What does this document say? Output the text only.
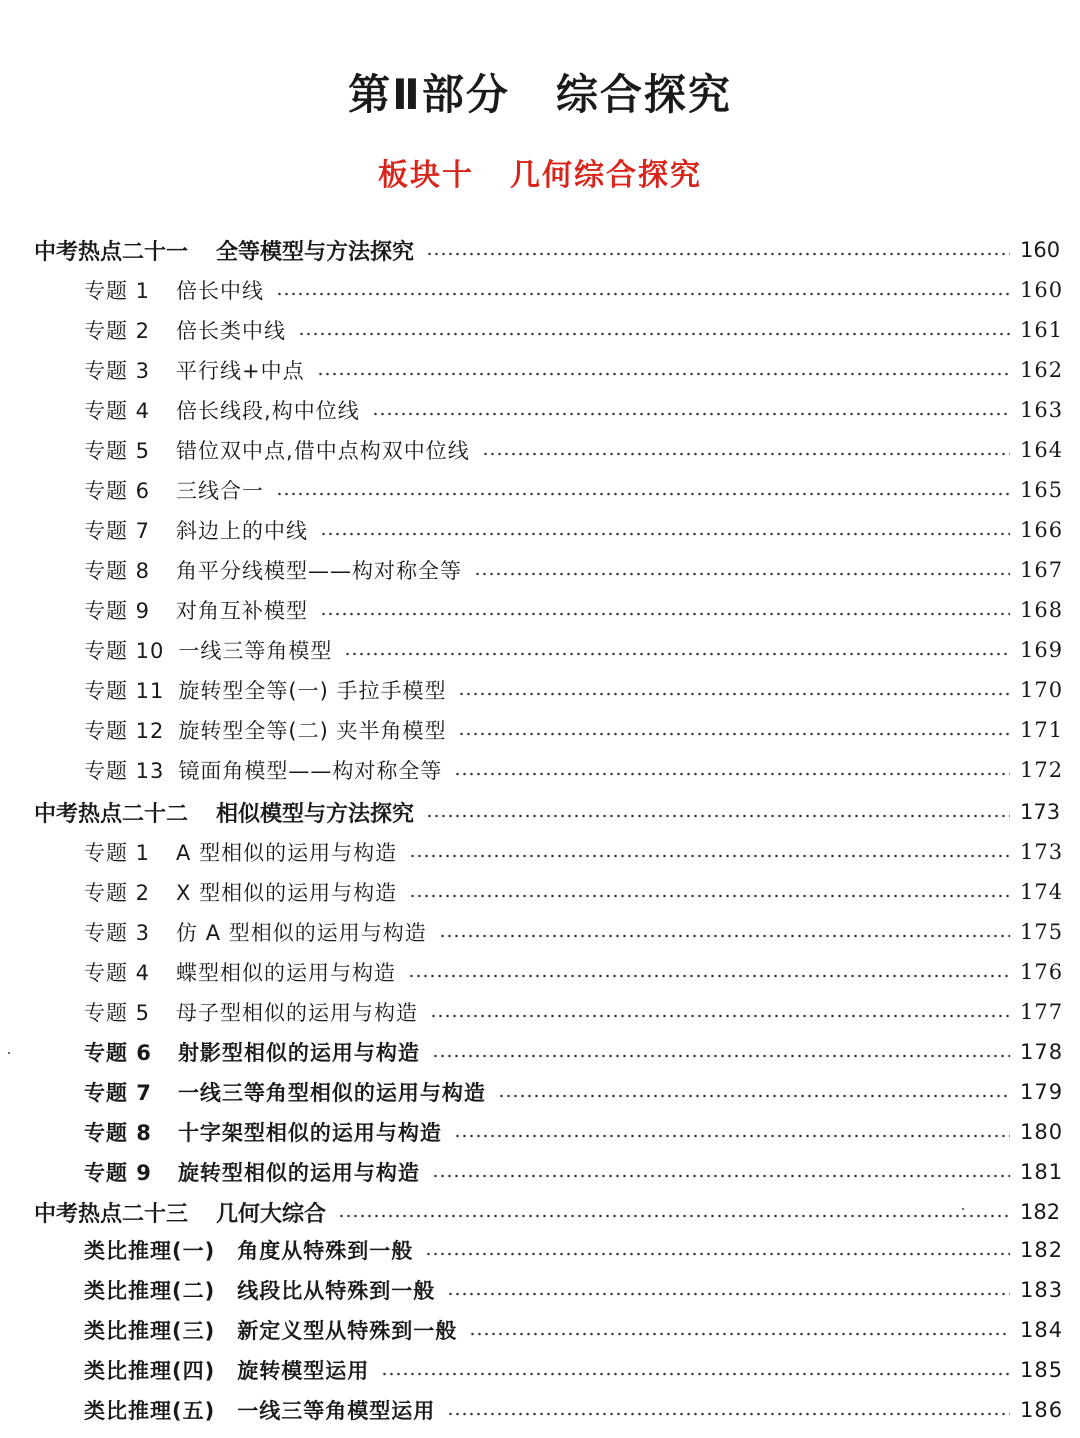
第Ⅱ部分 综合探究
板块十 几何综合探究
中考热点二十一	全等模型与方法探究	160
专题 1	倍长中线	160
专题 2	倍长类中线	161
专题 3	平行线+中点	162
专题 4	倍长线段,构中位线	163
专题 5	错位双中点,借中点构双中位线	164
专题 6	三线合一	165
专题 7	斜边上的中线	166
专题 8	角平分线模型——构对称全等	167
专题 9	对角互补模型	168
专题 10 一线三等角模型	169
专题 11 旋转型全等(一) 手拉手模型	170
专题 12 旋转型全等(二) 夹半角模型	171
专题 13 镜面角模型——构对称全等	172
中考热点二十二	相似模型与方法探究	173
专题 1	A 型相似的运用与构造	173
专题 2	X 型相似的运用与构造	174
专题 3	仿 A 型相似的运用与构造	175
专题 4	蝶型相似的运用与构造	176
专题 5	母子型相似的运用与构造	177
专题 6	射影型相似的运用与构造	178
专题 7	一线三等角型相似的运用与构造	179
专题 8	十字架型相似的运用与构造	180
专题 9	旋转型相似的运用与构造	181
中考热点二十三	几何大综合	182
类比推理(一)	角度从特殊到一般	182
类比推理(二)	线段比从特殊到一般	183
类比推理(三)	新定义型从特殊到一般	184
类比推理(四)	旋转模型运用	185
类比推理(五)	一线三等角模型运用	186
